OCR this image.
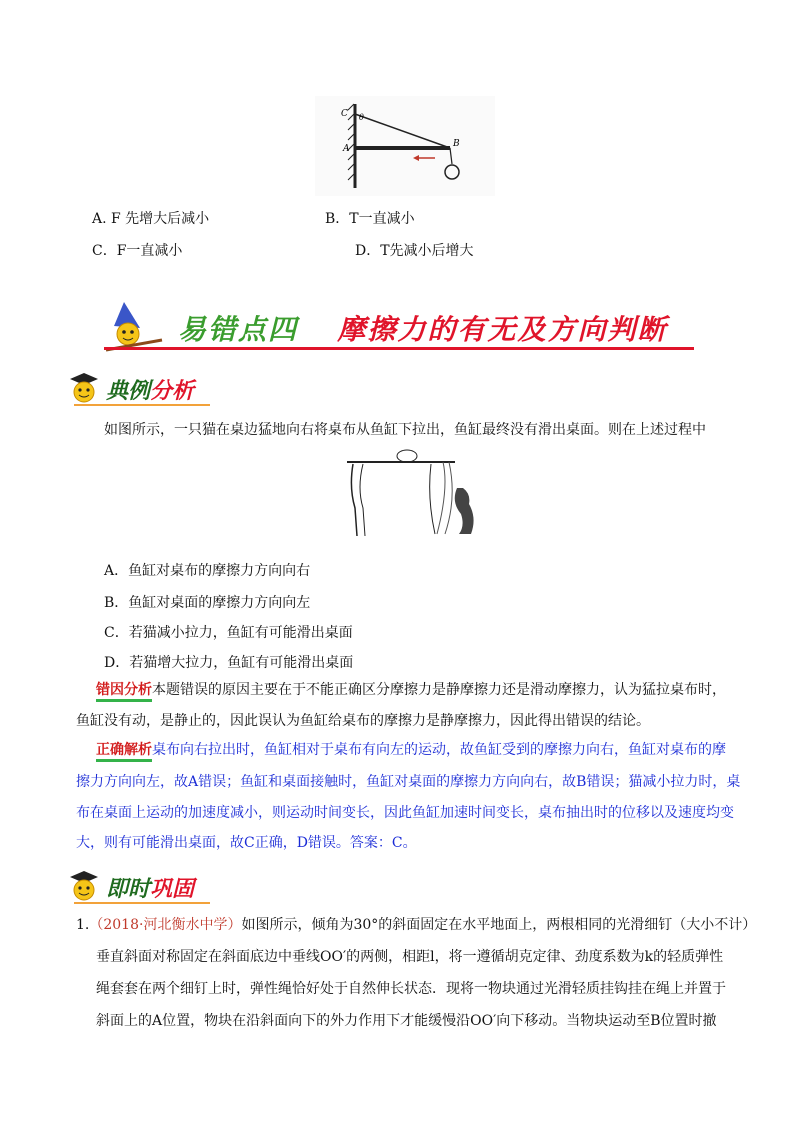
C θ
A	B
A. F 先增大后减小	B．T一直减小
C．F一直减小	D．T先减小后增大
易错点四 摩擦力的有无及方向判断
典例分析
如图所示，一只猫在桌边猛地向右将桌布从鱼缸下拉出，鱼缸最终没有滑出桌面。则在上述过程中
A．鱼缸对桌布的摩擦力方向向右
B．鱼缸对桌面的摩擦力方向向左
C．若猫减小拉力，鱼缸有可能滑出桌面
D．若猫增大拉力，鱼缸有可能滑出桌面
错因分析本题错误的原因主要在于不能正确区分摩擦力是静摩擦力还是滑动摩擦力，认为猛拉桌布时，
鱼缸没有动，是静止的，因此误认为鱼缸给桌布的摩擦力是静摩擦力，因此得出错误的结论。
正确解析桌布向右拉出时，鱼缸相对于桌布有向左的运动，故鱼缸受到的摩擦力向右，鱼缸对桌布的摩
擦力方向向左，故A错误；鱼缸和桌面接触时，鱼缸对桌面的摩擦力方向向右，故B错误；猫减小拉力时，桌
布在桌面上运动的加速度减小，则运动时间变长，因此鱼缸加速时间变长，桌布抽出时的位移以及速度均变
大，则有可能滑出桌面，故C正确，D错误。答案：C。
即时巩固
1.（2018·河北衡水中学）如图所示，倾角为30°的斜面固定在水平地面上，两根相同的光滑细钉（大小不计）
垂直斜面对称固定在斜面底边中垂线OO′的两侧，相距l，将一遵循胡克定律、劲度系数为k的轻质弹性
绳套套在两个细钉上时，弹性绳恰好处于自然伸长状态．现将一物块通过光滑轻质挂钩挂在绳上并置于
斜面上的A位置，物块在沿斜面向下的外力作用下才能缓慢沿OO′向下移动。当物块运动至B位置时撤
